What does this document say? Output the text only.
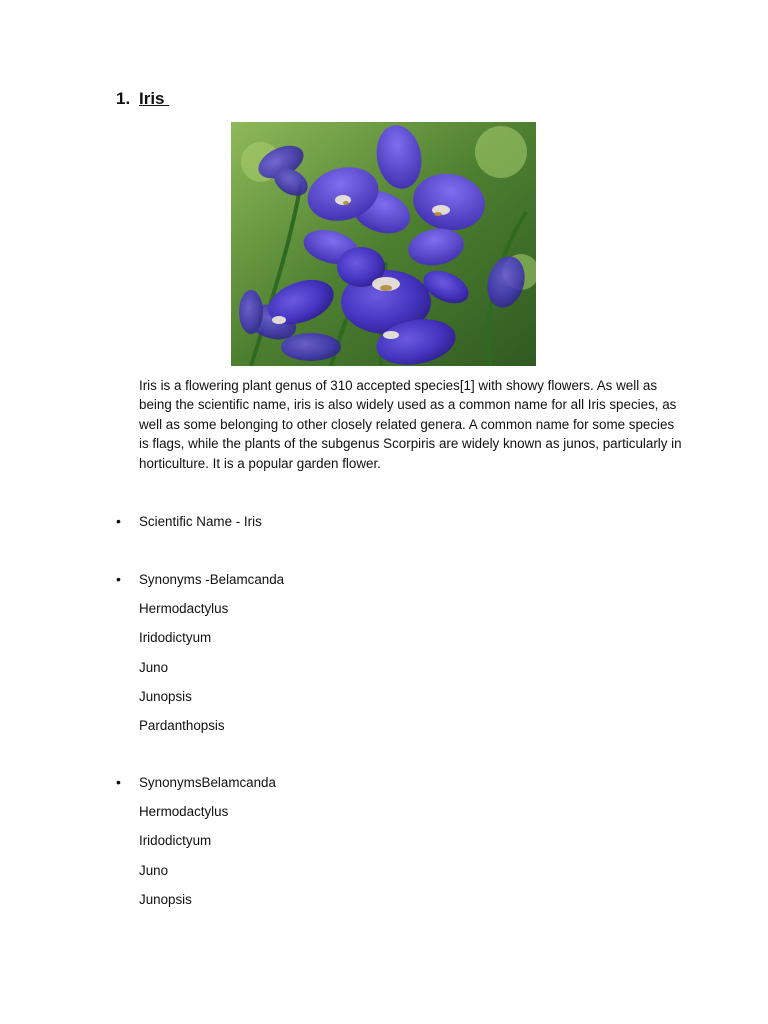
1. Iris

Iris is a flowering plant genus of 310 accepted species[1] with showy flowers. As well as being the scientific name, iris is also widely used as a common name for all Iris species, as well as some belonging to other closely related genera. A common name for some species is flags, while the plants of the subgenus Scorpiris are widely known as junos, particularly in horticulture. It is a popular garden flower.

•	Scientific Name - Iris
•	Synonyms -Belamcanda
Hermodactylus
Iridodictyum
Juno
Junopsis
Pardanthopsis
•	SynonymsBelamcanda
Hermodactylus
Iridodictyum
Juno
Junopsis
